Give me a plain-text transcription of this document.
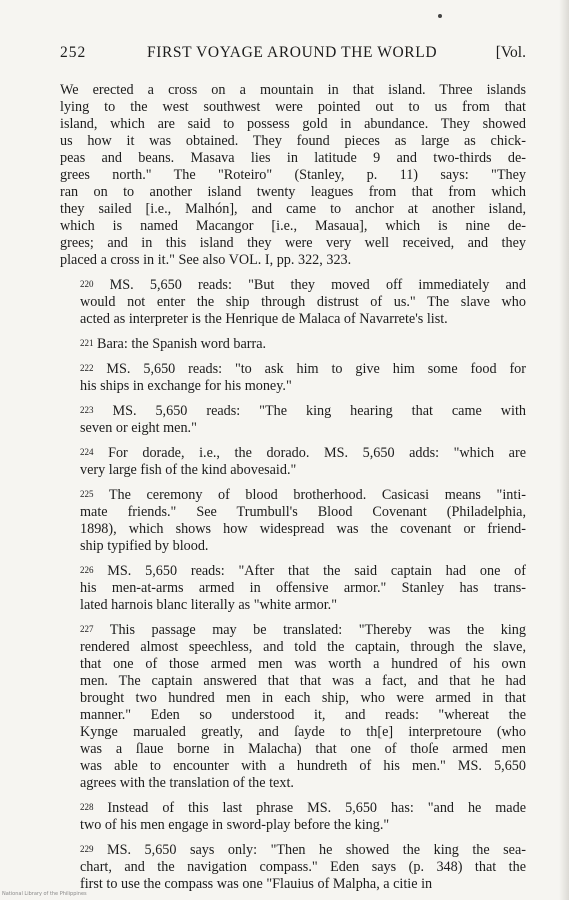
252	FIRST VOYAGE AROUND THE WORLD	[Vol.

We erected a cross on a mountain in that island. Three islands
lying to the west southwest were pointed out to us from that
island, which are said to possess gold in abundance. They showed
us how it was obtained. They found pieces as large as chick-
peas and beans. Masava lies in latitude 9 and two-thirds de-
grees north." The "Roteiro" (Stanley, p. 11) says: "They
ran on to another island twenty leagues from that from which
they sailed [i.e., Malhón], and came to anchor at another island,
which is named Macangor [i.e., Masaua], which is nine de-
grees; and in this island they were very well received, and they
placed a cross in it." See also VOL. I, pp. 322, 323.

$^{220}$ MS. 5,650 reads: "But they moved off immediately and
would not enter the ship through distrust of us." The slave who
acted as interpreter is the Henrique de Malaca of Navarrete's list.

$^{221}$ Bara: the Spanish word barra.

$^{222}$ MS. 5,650 reads: "to ask him to give him some food for
his ships in exchange for his money."

$^{223}$ MS. 5,650 reads: "The king hearing that came with
seven or eight men."

$^{224}$ For dorade, i.e., the dorado. MS. 5,650 adds: "which are
very large fish of the kind abovesaid."

$^{225}$ The ceremony of blood brotherhood. Casicasi means "inti-
mate friends." See Trumbull's Blood Covenant (Philadelphia,
1898), which shows how widespread was the covenant or friend-
ship typified by blood.

$^{226}$ MS. 5,650 reads: "After that the said captain had one of
his men-at-arms armed in offensive armor." Stanley has trans-
lated harnois blanc literally as "white armor."

$^{227}$ This passage may be translated: "Thereby was the king
rendered almost speechless, and told the captain, through the slave,
that one of those armed men was worth a hundred of his own
men. The captain answered that that was a fact, and that he had
brought two hundred men in each ship, who were armed in that
manner." Eden so understood it, and reads: "whereat the
Kynge marualed greatly, and ſayde to th[e] interpretoure (who
was a ſlaue borne in Malacha) that one of thoſe armed men
was able to encounter with a hundreth of his men." MS. 5,650
agrees with the translation of the text.

$^{228}$ Instead of this last phrase MS. 5,650 has: "and he made
two of his men engage in sword-play before the king."

$^{229}$ MS. 5,650 says only: "Then he showed the king the sea-
chart, and the navigation compass." Eden says (p. 348) that the
first to use the compass was one "Flauius of Malpha, a citie in

National Library of the Philippines
